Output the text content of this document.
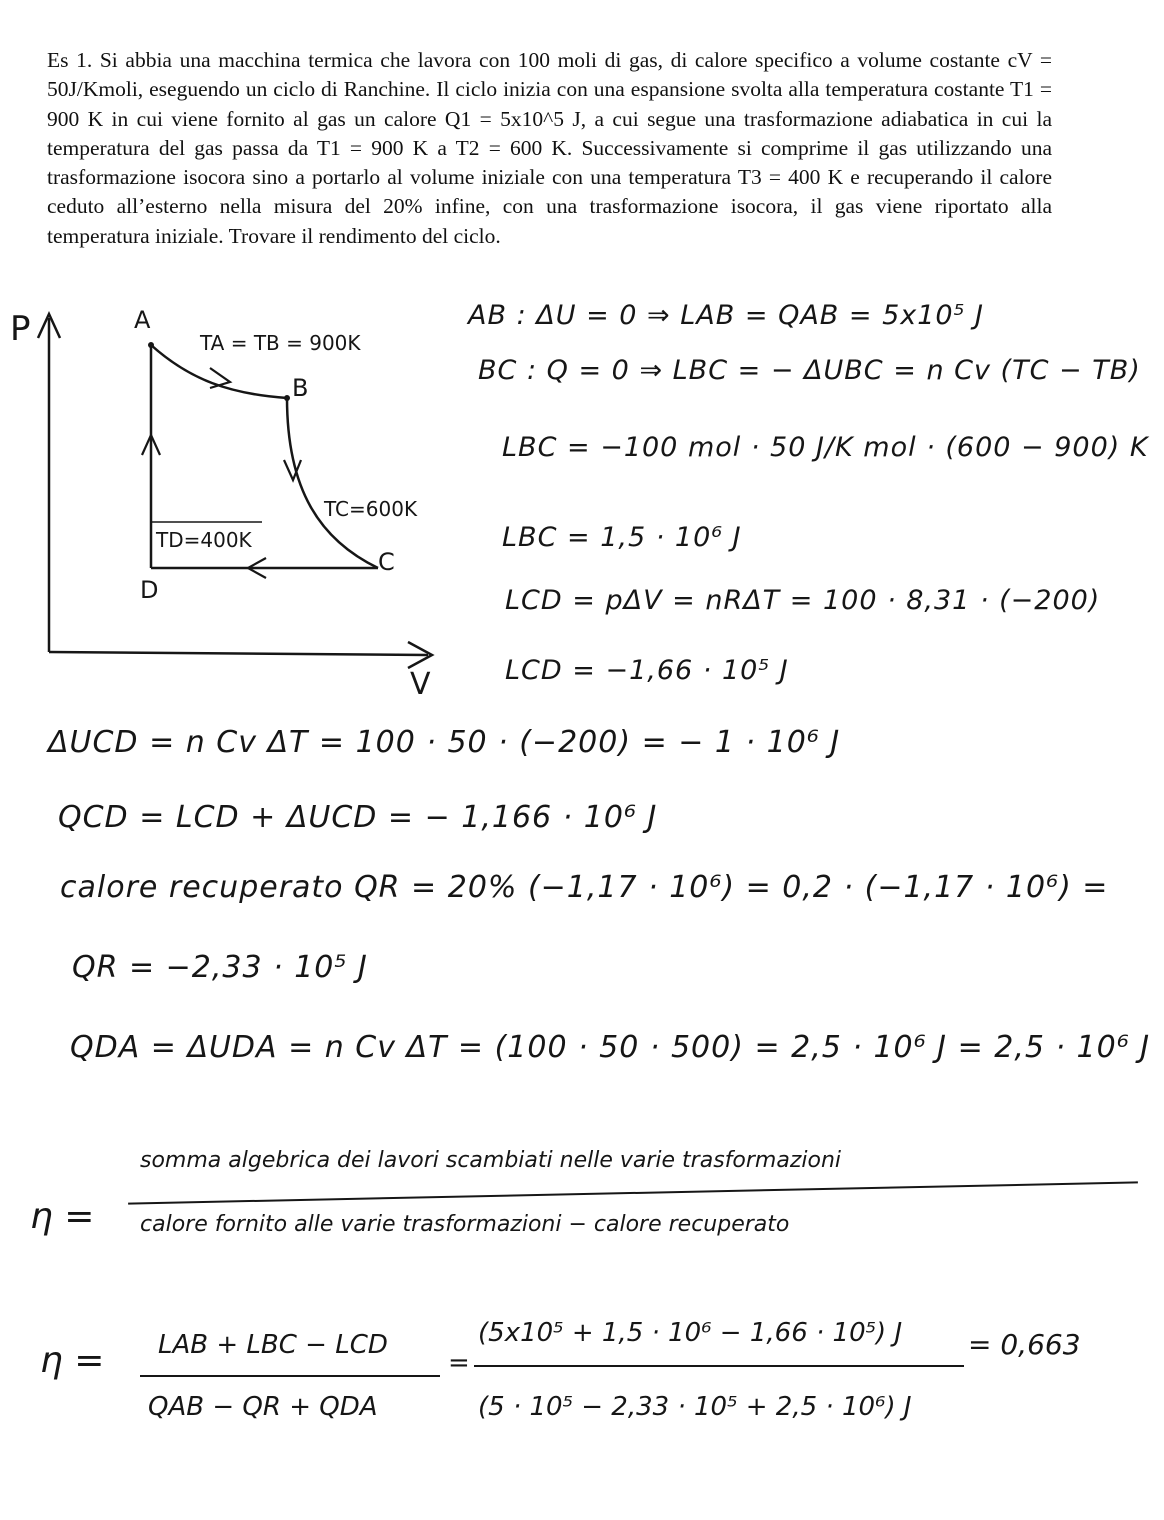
Es 1. Si abbia una macchina termica che lavora con 100 moli di gas, di calore specifico a volume costante cV = 50J/Kmoli, eseguendo un ciclo di Ranchine. Il ciclo inizia con una espansione svolta alla temperatura costante T1 = 900 K in cui viene fornito al gas un calore Q1 = 5x10^5 J, a cui segue una trasformazione adiabatica in cui la temperatura del gas passa da T1 = 900 K a T2 = 600 K. Successivamente si comprime il gas utilizzando una trasformazione isocora sino a portarlo al volume iniziale con una temperatura T3 = 400 K e recuperando il calore ceduto all’esterno nella misura del 20% infine, con una trasformazione isocora, il gas viene riportato alla temperatura iniziale. Trovare il rendimento del ciclo.
P
V
A
B
C
D
TA = TB = 900K
TC=600K
TD=400K
AB : ΔU = 0 ⇒ LAB = QAB = 5x10⁵ J
BC : Q = 0 ⇒ LBC = − ΔUBC = n Cv (TC − TB)
LBC = −100 mol · 50 J/K mol · (600 − 900) K
LBC = 1,5 · 10⁶ J
LCD = pΔV = nRΔT = 100 · 8,31 · (−200)
LCD = −1,66 · 10⁵ J
ΔUCD = n Cv ΔT = 100 · 50 · (−200) = − 1 · 10⁶ J
QCD = LCD + ΔUCD = − 1,166 · 10⁶ J
calore recuperato QR = 20% (−1,17 · 10⁶) = 0,2 · (−1,17 · 10⁶) =
QR = −2,33 · 10⁵ J
QDA = ΔUDA = n Cv ΔT = (100 · 50 · 500) = 2,5 · 10⁶ J = 2,5 · 10⁶ J
η =
somma algebrica dei lavori scambiati nelle varie trasformazioni
calore fornito alle varie trasformazioni − calore recuperato
η = LAB + LBC − LCD
QAB − QR + QDA
=
(5x10⁵ + 1,5 · 10⁶ − 1,66 · 10⁵) J
(5 · 10⁵ − 2,33 · 10⁵ + 2,5 · 10⁶) J
= 0,663
